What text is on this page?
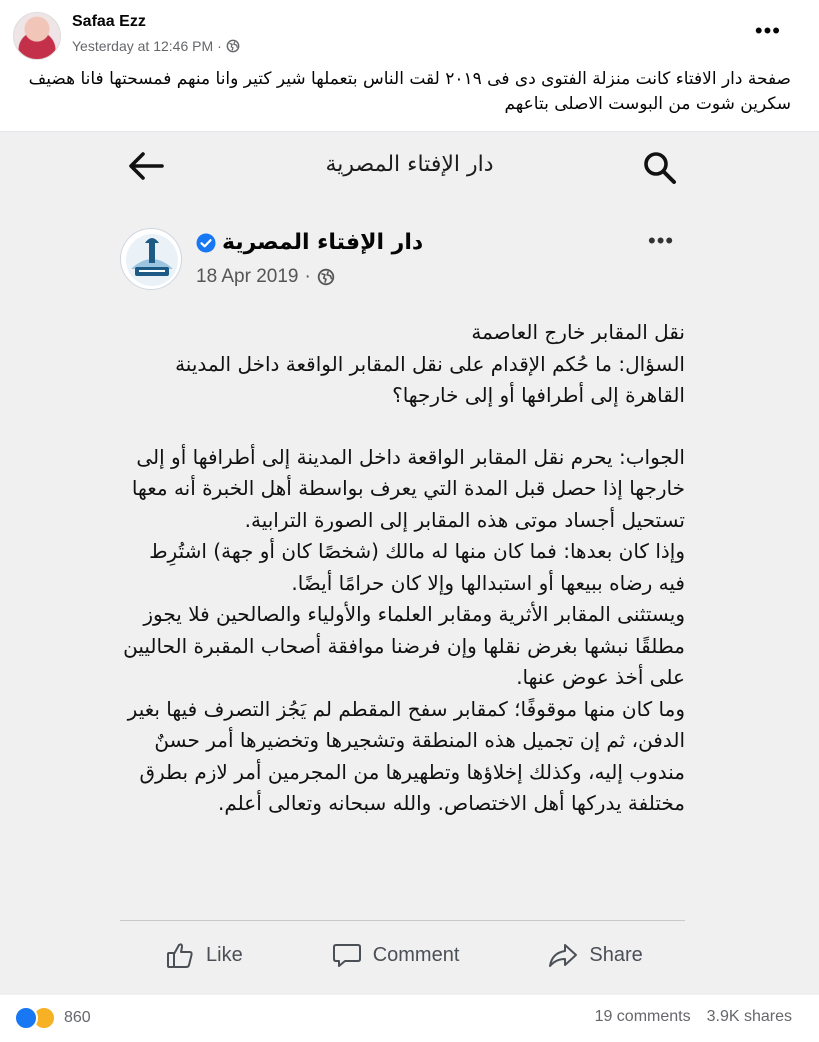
Safaa Ezz
Yesterday at 12:46 PM ·
•••
صفحة دار الافتاء كانت منزلة الفتوى دى فى ٢٠١٩ لقت الناس بتعملها شير كتير وانا منهم فمسحتها فانا هضيف سكرين شوت من البوست الاصلى بتاعهم
دار الإفتاء المصرية
دار الإفتاء المصرية
18 Apr 2019 ·
•••

نقل المقابر خارج العاصمة

السؤال: ما حُكم الإقدام على نقل المقابر الواقعة داخل المدينة القاهرة إلى أطرافها أو إلى خارجها؟

الجواب: يحرم نقل المقابر الواقعة داخل المدينة إلى أطرافها أو إلى خارجها إذا حصل قبل المدة التي يعرف بواسطة أهل الخبرة أنه معها تستحيل أجساد موتى هذه المقابر إلى الصورة الترابية.

وإذا كان بعدها: فما كان منها له مالك (شخصًا كان أو جهة) اشتُرِط فيه رضاه ببيعها أو استبدالها وإلا كان حرامًا أيضًا.

ويستثنى المقابر الأثرية ومقابر العلماء والأولياء والصالحين فلا يجوز مطلقًا نبشها بغرض نقلها وإن فرضنا موافقة أصحاب المقبرة الحاليين على أخذ عوض عنها.

وما كان منها موقوفًا؛ كمقابر سفح المقطم لم يَجُز التصرف فيها بغير الدفن، ثم إن تجميل هذه المنطقة وتشجيرها وتخضيرها أمر حسنٌ مندوب إليه، وكذلك إخلاؤها وتطهيرها من المجرمين أمر لازم بطرق مختلفة يدركها أهل الاختصاص. والله سبحانه وتعالى أعلم.

Like	Comment	Share
860	19 comments 3.9K shares
